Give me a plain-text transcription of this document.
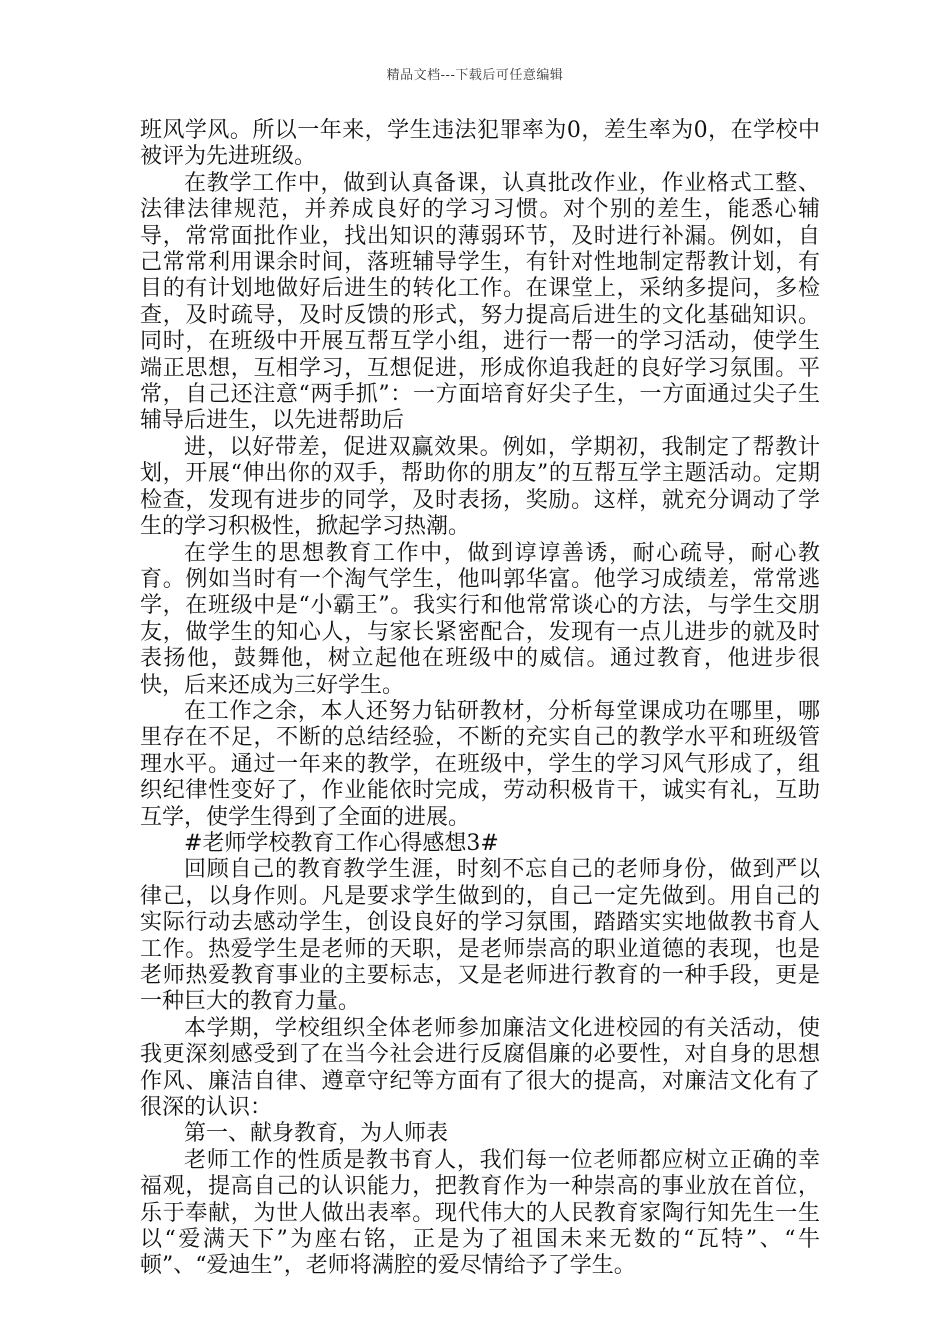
精品文档---下载后可任意编辑

班风学风。所以一年来，学生违法犯罪率为0，差生率为0，在学校中被评为先进班级。

在教学工作中，做到认真备课，认真批改作业，作业格式工整、法律法律规范，并养成良好的学习习惯。对个别的差生，能悉心辅导，常常面批作业，找出知识的薄弱环节，及时进行补漏。例如，自己常常利用课余时间，落班辅导学生，有针对性地制定帮教计划，有目的有计划地做好后进生的转化工作。在课堂上，采纳多提问，多检查，及时疏导，及时反馈的形式，努力提高后进生的文化基础知识。同时，在班级中开展互帮互学小组，进行一帮一的学习活动，使学生端正思想，互相学习，互想促进，形成你追我赶的良好学习氛围。平常，自己还注意“两手抓”：一方面培育好尖子生，一方面通过尖子生辅导后进生，以先进帮助后

进，以好带差，促进双赢效果。例如，学期初，我制定了帮教计划，开展“伸出你的双手，帮助你的朋友”的互帮互学主题活动。定期检查，发现有进步的同学，及时表扬，奖励。这样，就充分调动了学生的学习积极性，掀起学习热潮。

在学生的思想教育工作中，做到谆谆善诱，耐心疏导，耐心教育。例如当时有一个淘气学生，他叫郭华富。他学习成绩差，常常逃学，在班级中是“小霸王”。我实行和他常常谈心的方法，与学生交朋友，做学生的知心人，与家长紧密配合，发现有一点儿进步的就及时表扬他，鼓舞他，树立起他在班级中的威信。通过教育，他进步很快，后来还成为三好学生。

在工作之余，本人还努力钻研教材，分析每堂课成功在哪里，哪里存在不足，不断的总结经验，不断的充实自己的教学水平和班级管理水平。通过一年来的教学，在班级中，学生的学习风气形成了，组织纪律性变好了，作业能依时完成，劳动积极肯干，诚实有礼，互助互学，使学生得到了全面的进展。

#老师学校教育工作心得感想3#

回顾自己的教育教学生涯，时刻不忘自己的老师身份，做到严以律己，以身作则。凡是要求学生做到的，自己一定先做到。用自己的实际行动去感动学生，创设良好的学习氛围，踏踏实实地做教书育人工作。热爱学生是老师的天职，是老师崇高的职业道德的表现，也是老师热爱教育事业的主要标志，又是老师进行教育的一种手段，更是一种巨大的教育力量。

本学期，学校组织全体老师参加廉洁文化进校园的有关活动，使我更深刻感受到了在当今社会进行反腐倡廉的必要性，对自身的思想作风、廉洁自律、遵章守纪等方面有了很大的提高，对廉洁文化有了很深的认识：

第一、献身教育，为人师表

老师工作的性质是教书育人，我们每一位老师都应树立正确的幸福观，提高自己的认识能力，把教育作为一种崇高的事业放在首位，乐于奉献，为世人做出表率。现代伟大的人民教育家陶行知先生一生以“爱满天下”为座右铭，正是为了祖国未来无数的“瓦特”、“牛顿”、“爱迪生”，老师将满腔的爱尽情给予了学生。
